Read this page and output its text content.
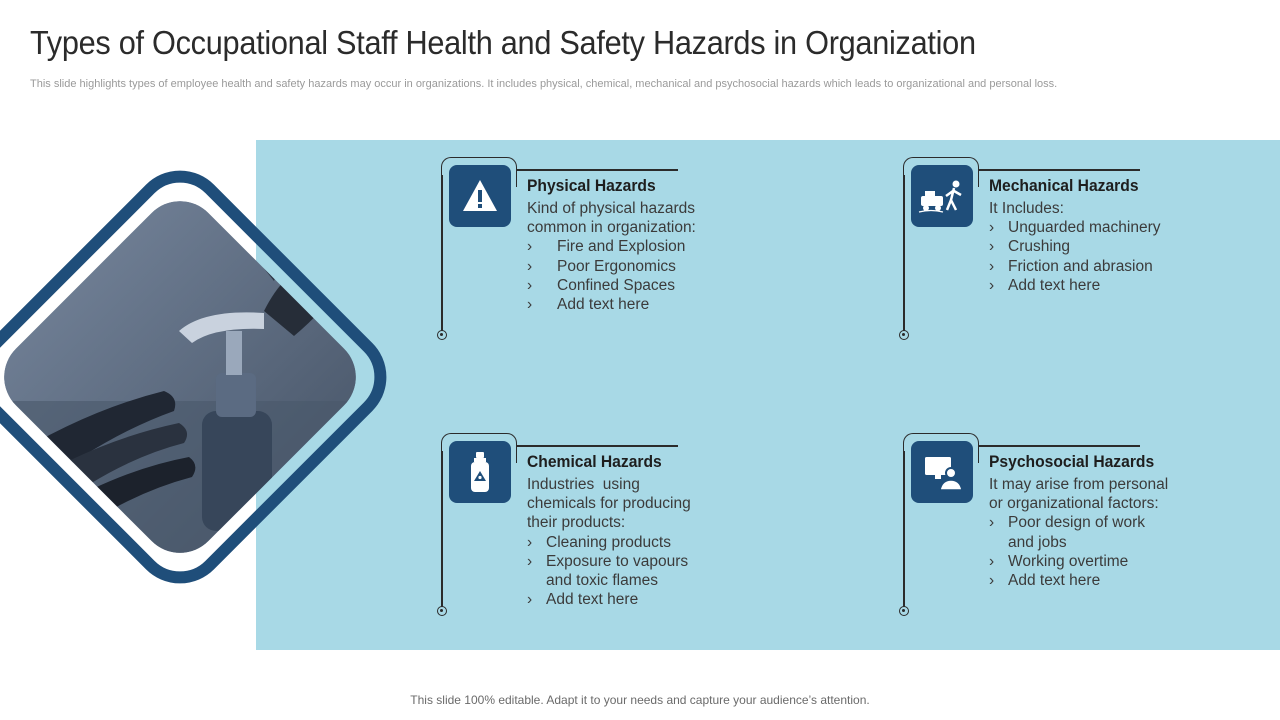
Types of Occupational Staff Health and Safety Hazards in Organization
This slide highlights types of employee health and safety hazards may occur in organizations. It includes physical, chemical, mechanical and psychosocial hazards which leads to organizational and personal loss.
Physical Hazards
Kind of physical hazards
common in organization:
› Fire and Explosion
› Poor Ergonomics
› Confined Spaces
› Add text here
Mechanical Hazards
It Includes:
› Unguarded machinery
› Crushing
› Friction and abrasion
› Add text here
Chemical Hazards
Industries  using
chemicals for producing
their products:
› Cleaning products
› Exposure to vapours
and toxic flames
› Add text here
Psychosocial Hazards
It may arise from personal
or organizational factors:
› Poor design of work
and jobs
› Working overtime
› Add text here
This slide 100% editable. Adapt it to your needs and capture your audience’s attention.
